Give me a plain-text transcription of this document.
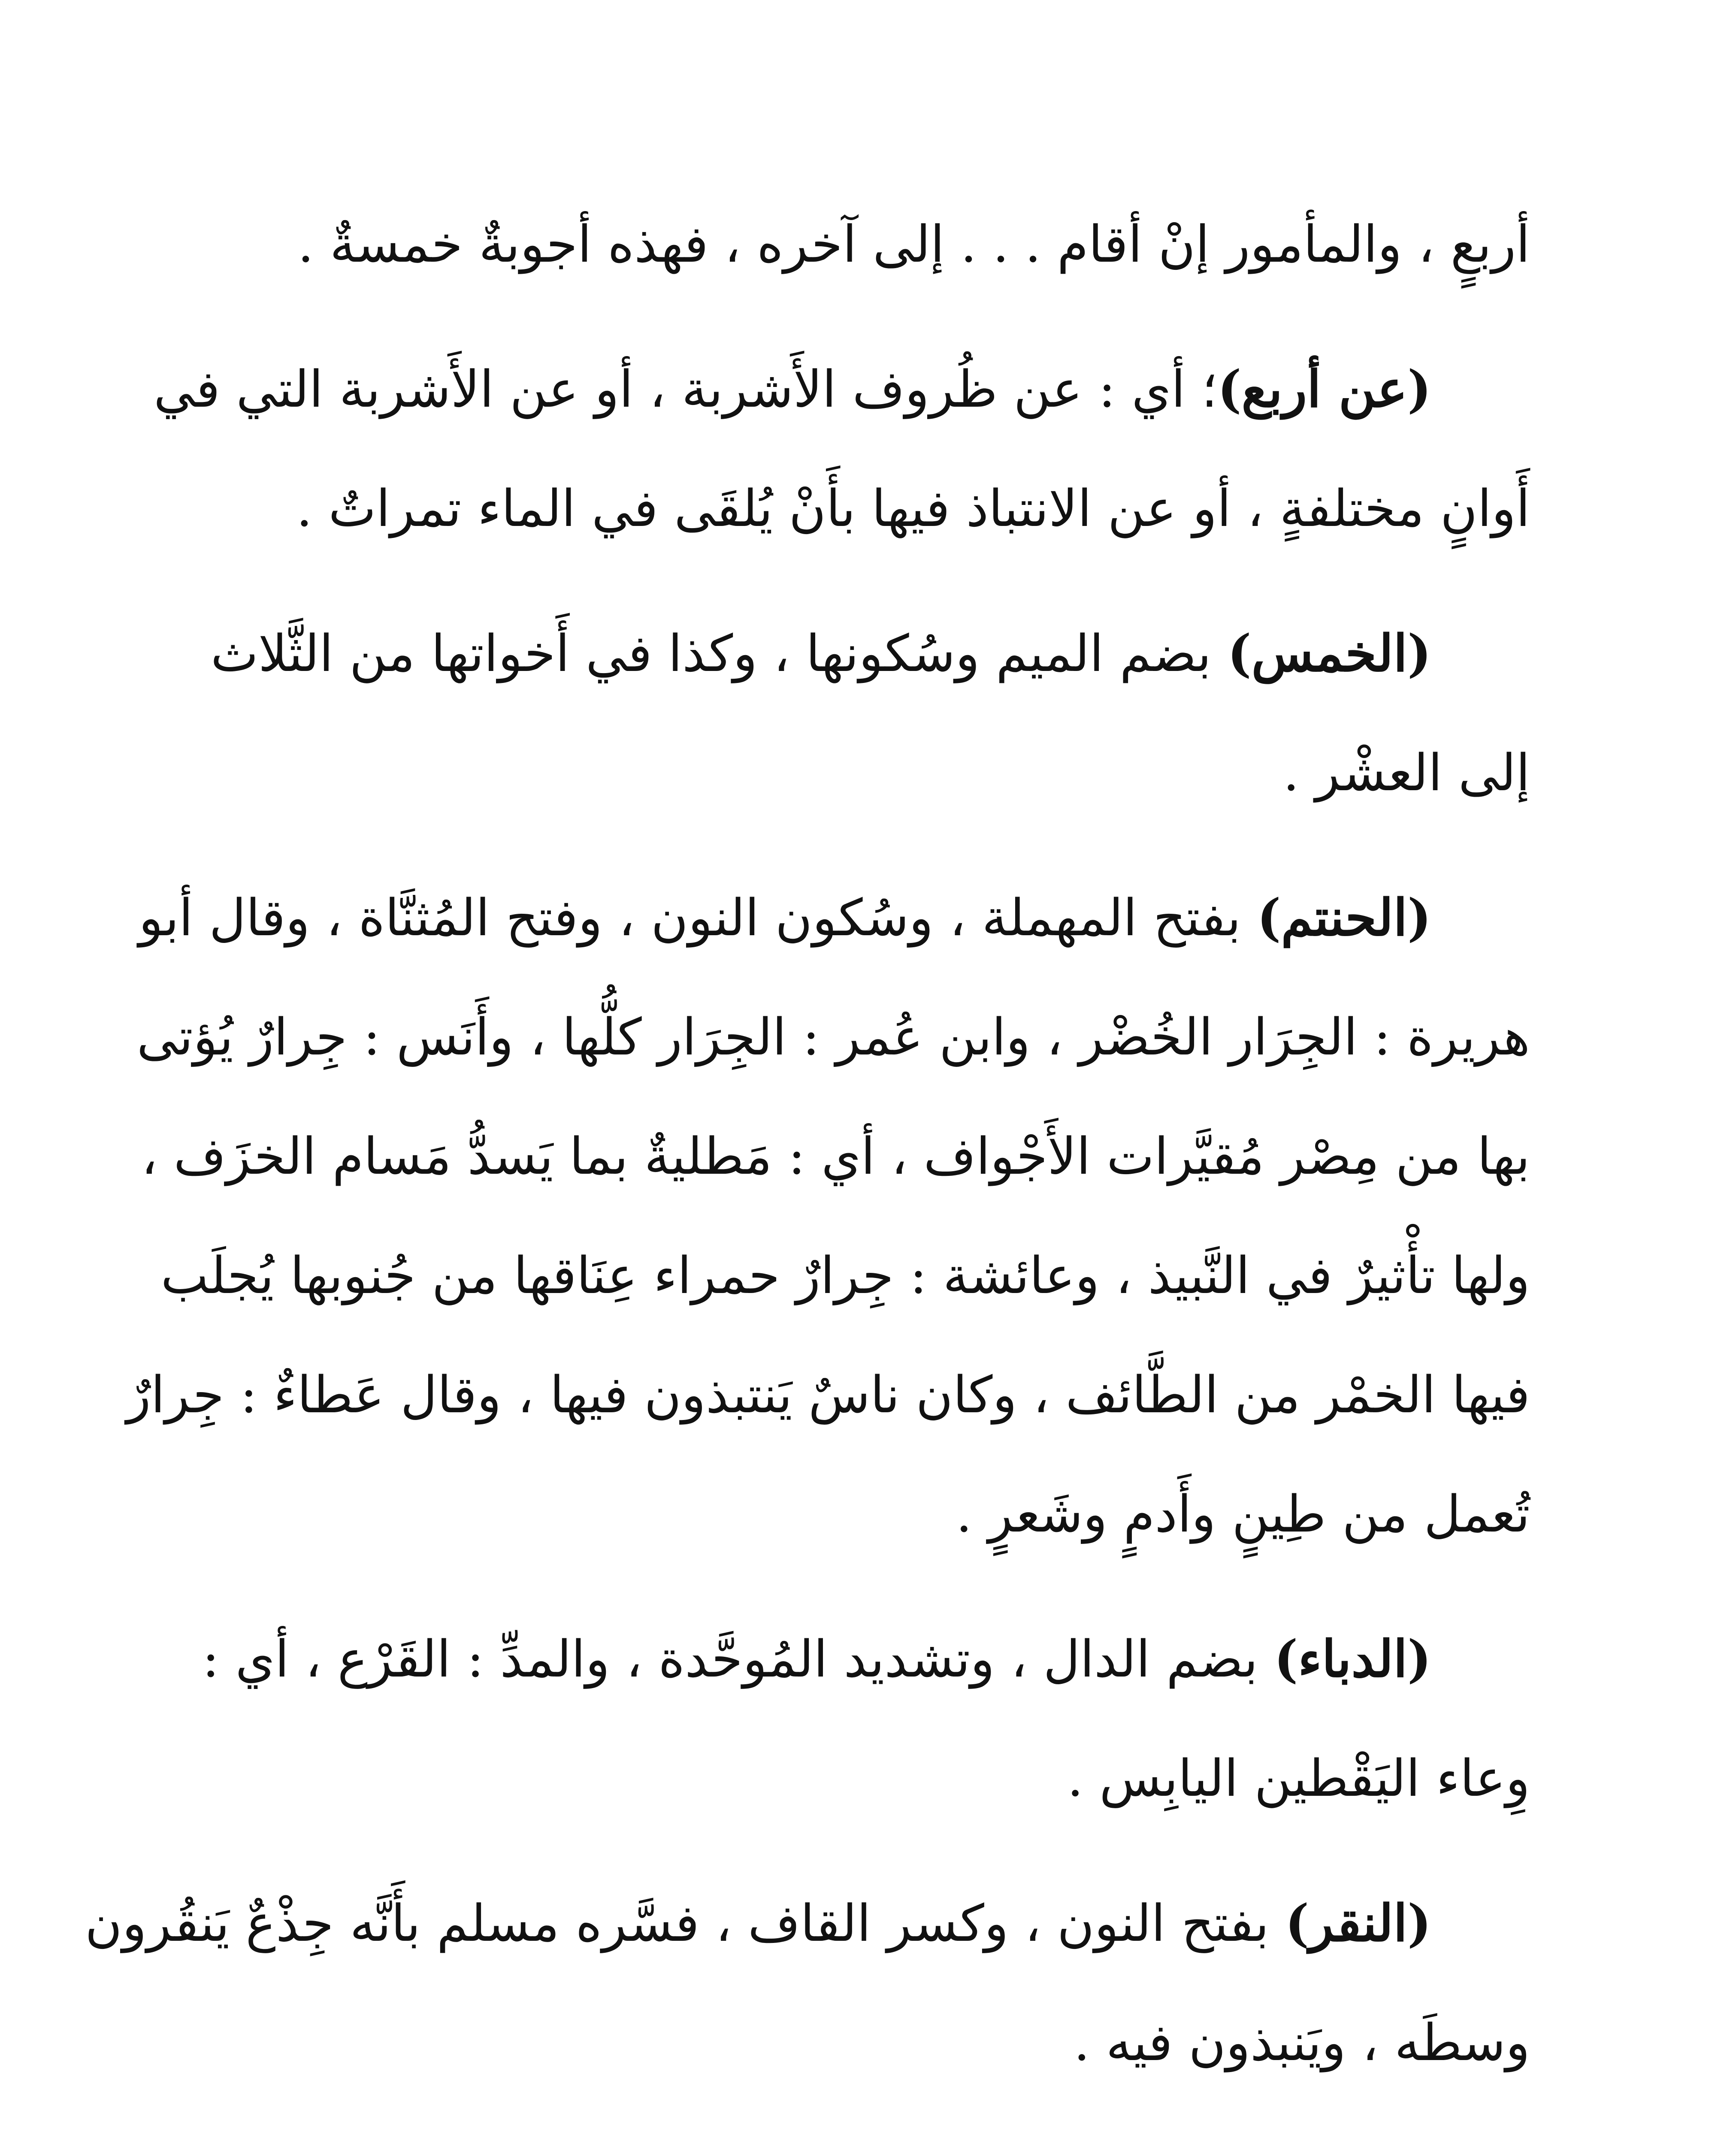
أربعٍ ، والمأمور إنْ أقام . . . إلى آخره ، فهذه أجوبةٌ خمسةٌ .
(عن أربع)؛ أي : عن ظُروف الأَشربة ، أو عن الأَشربة التي في
أَوانٍ مختلفةٍ ، أو عن الانتباذ فيها بأَنْ يُلقَى في الماء تمراتٌ .
(الخمس) بضم الميم وسُكونها ، وكذا في أَخواتها من الثَّلاث
إلى العشْر .
(الحنتم) بفتح المهملة ، وسُكون النون ، وفتح المُثنَّاة ، وقال أبو
هريرة : الجِرَار الخُضْر ، وابن عُمر : الجِرَار كلُّها ، وأَنَس : جِرارٌ يُؤتى
بها من مِصْر مُقيَّرات الأَجْواف ، أي : مَطليةٌ بما يَسدُّ مَسام الخزَف ،
ولها تأْثيرٌ في النَّبيذ ، وعائشة : جِرارٌ حمراء عِنَاقها من جُنوبها يُجلَب
فيها الخمْر من الطَّائف ، وكان ناسٌ يَنتبذون فيها ، وقال عَطاءٌ : جِرارٌ
تُعمل من طِينٍ وأَدمٍ وشَعرٍ .
(الدباء) بضم الدال ، وتشديد المُوحَّدة ، والمدِّ : القَرْع ، أي :
وِعاء اليَقْطين اليابِس .
(النقر) بفتح النون ، وكسر القاف ، فسَّره مسلم بأَنَّه جِذْعٌ يَنقُرون
وسطَه ، ويَنبذون فيه .
